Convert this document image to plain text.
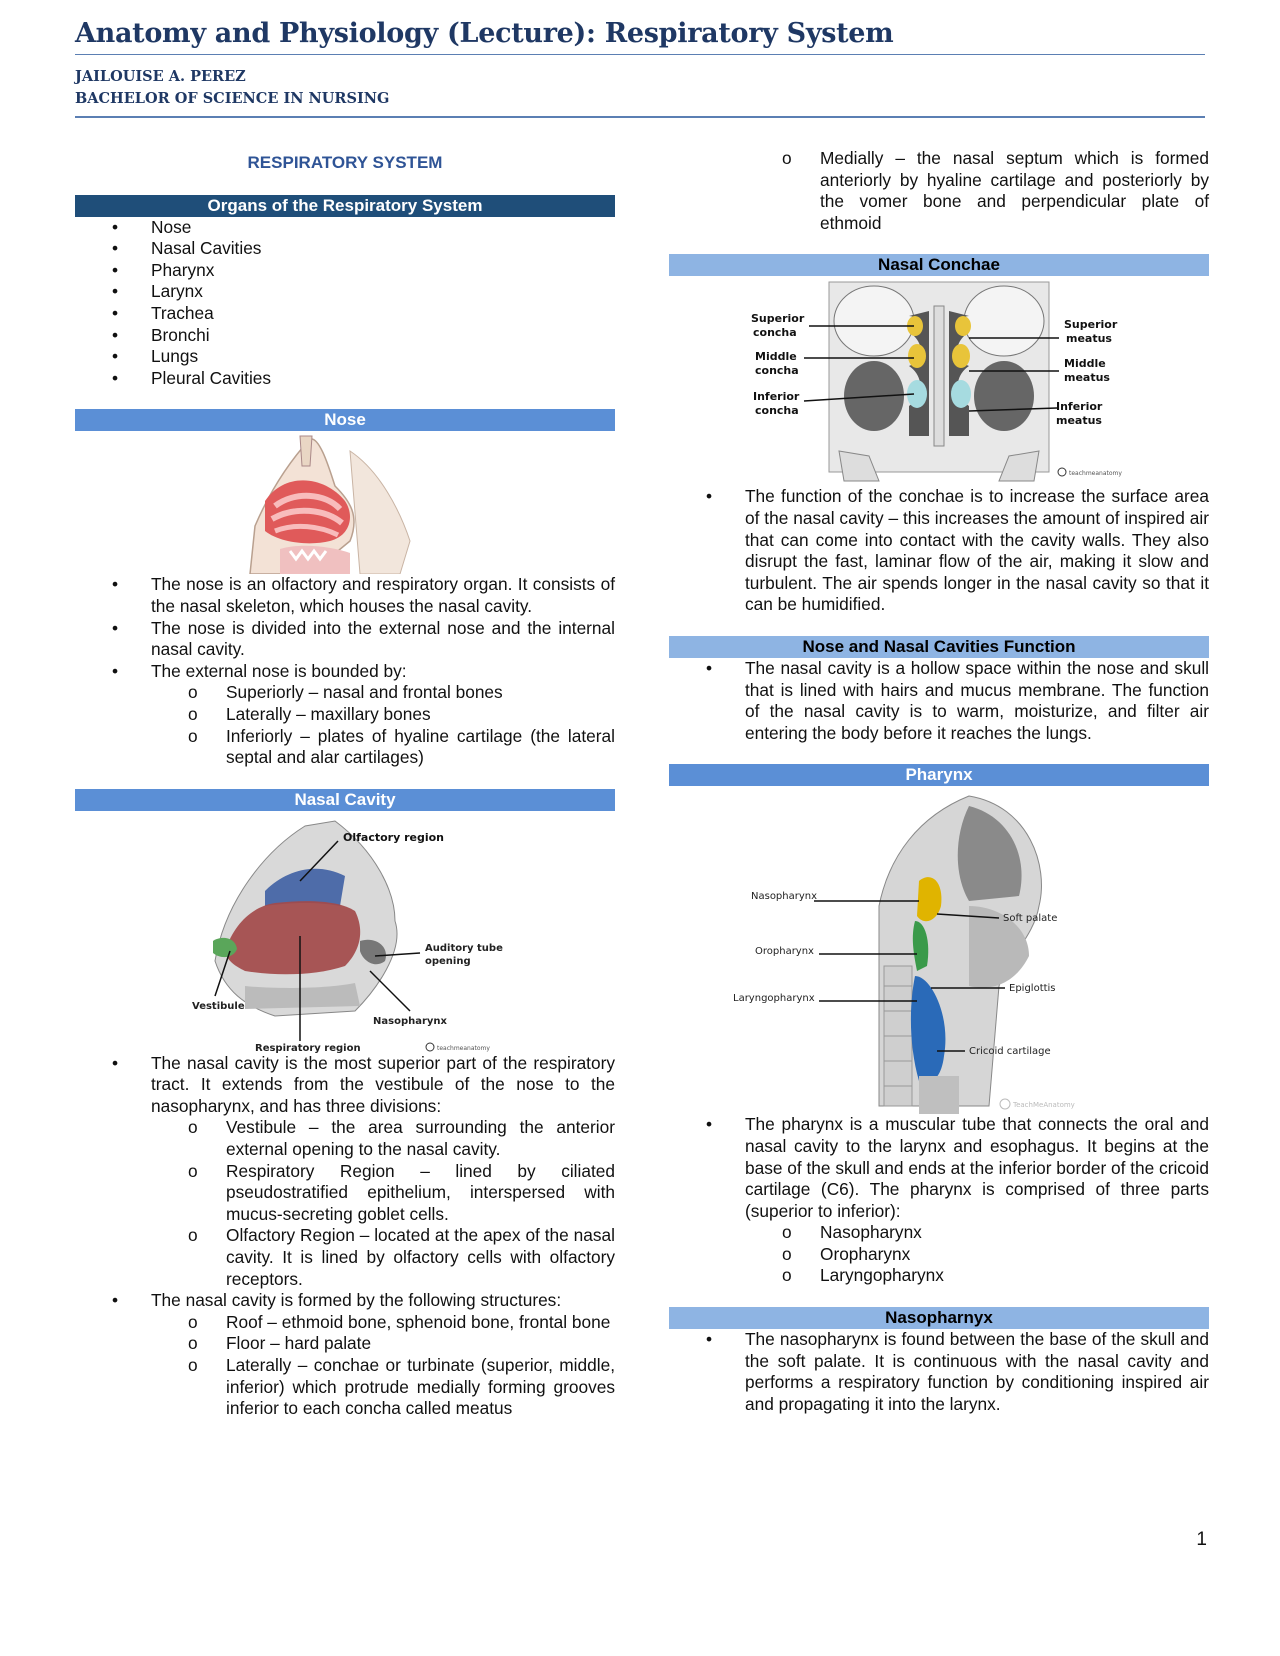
Anatomy and Physiology (Lecture): Respiratory System
JAILOUISE A. PEREZ
BACHELOR OF SCIENCE IN NURSING
RESPIRATORY SYSTEM
Organs of the Respiratory System
• Nose
• Nasal Cavities
• Pharynx
• Larynx
• Trachea
• Bronchi
• Lungs
• Pleural Cavities
Nose
• The nose is an olfactory and respiratory organ. It consists of the nasal skeleton, which houses the nasal cavity.
• The nose is divided into the external nose and the internal nasal cavity.
• The external nose is bounded by:
o Superiorly – nasal and frontal bones
o Laterally – maxillary bones
o Inferiorly – plates of hyaline cartilage (the lateral septal and alar cartilages)
Nasal Cavity
Olfactory region
Auditory tube
opening
Vestibule
Nasopharynx
Respiratory region	teachmeanatomy
• The nasal cavity is the most superior part of the respiratory tract. It extends from the vestibule of the nose to the nasopharynx, and has three divisions:
o Vestibule – the area surrounding the anterior external opening to the nasal cavity.
o Respiratory Region – lined by ciliated pseudostratified epithelium, interspersed with mucus-secreting goblet cells.
o Olfactory Region – located at the apex of the nasal cavity. It is lined by olfactory cells with olfactory receptors.
• The nasal cavity is formed by the following structures:
o Roof – ethmoid bone, sphenoid bone, frontal bone
o Floor – hard palate
o Laterally – conchae or turbinate (superior, middle, inferior) which protrude medially forming grooves inferior to each concha called meatus
o Medially – the nasal septum which is formed anteriorly by hyaline cartilage and posteriorly by the vomer bone and perpendicular plate of ethmoid
Nasal Conchae
Superior
concha
Middle
concha
Inferior
concha
Superior
meatus
Middle
meatus
Inferior
meatus
teachmeanatomy
• The function of the conchae is to increase the surface area of the nasal cavity – this increases the amount of inspired air that can come into contact with the cavity walls. They also disrupt the fast, laminar flow of the air, making it slow and turbulent. The air spends longer in the nasal cavity so that it can be humidified.
Nose and Nasal Cavities Function
• The nasal cavity is a hollow space within the nose and skull that is lined with hairs and mucus membrane. The function of the nasal cavity is to warm, moisturize, and filter air entering the body before it reaches the lungs.
Pharynx
Nasopharynx
Oropharynx
Laryngopharynx
Soft palate
Epiglottis
Cricoid cartilage
TeachMeAnatomy
• The pharynx is a muscular tube that connects the oral and nasal cavity to the larynx and esophagus. It begins at the base of the skull and ends at the inferior border of the cricoid cartilage (C6). The pharynx is comprised of three parts (superior to inferior):
o Nasopharynx
o Oropharynx
o Laryngopharynx
Nasopharnyx
• The nasopharynx is found between the base of the skull and the soft palate. It is continuous with the nasal cavity and performs a respiratory function by conditioning inspired air and propagating it into the larynx.
1
